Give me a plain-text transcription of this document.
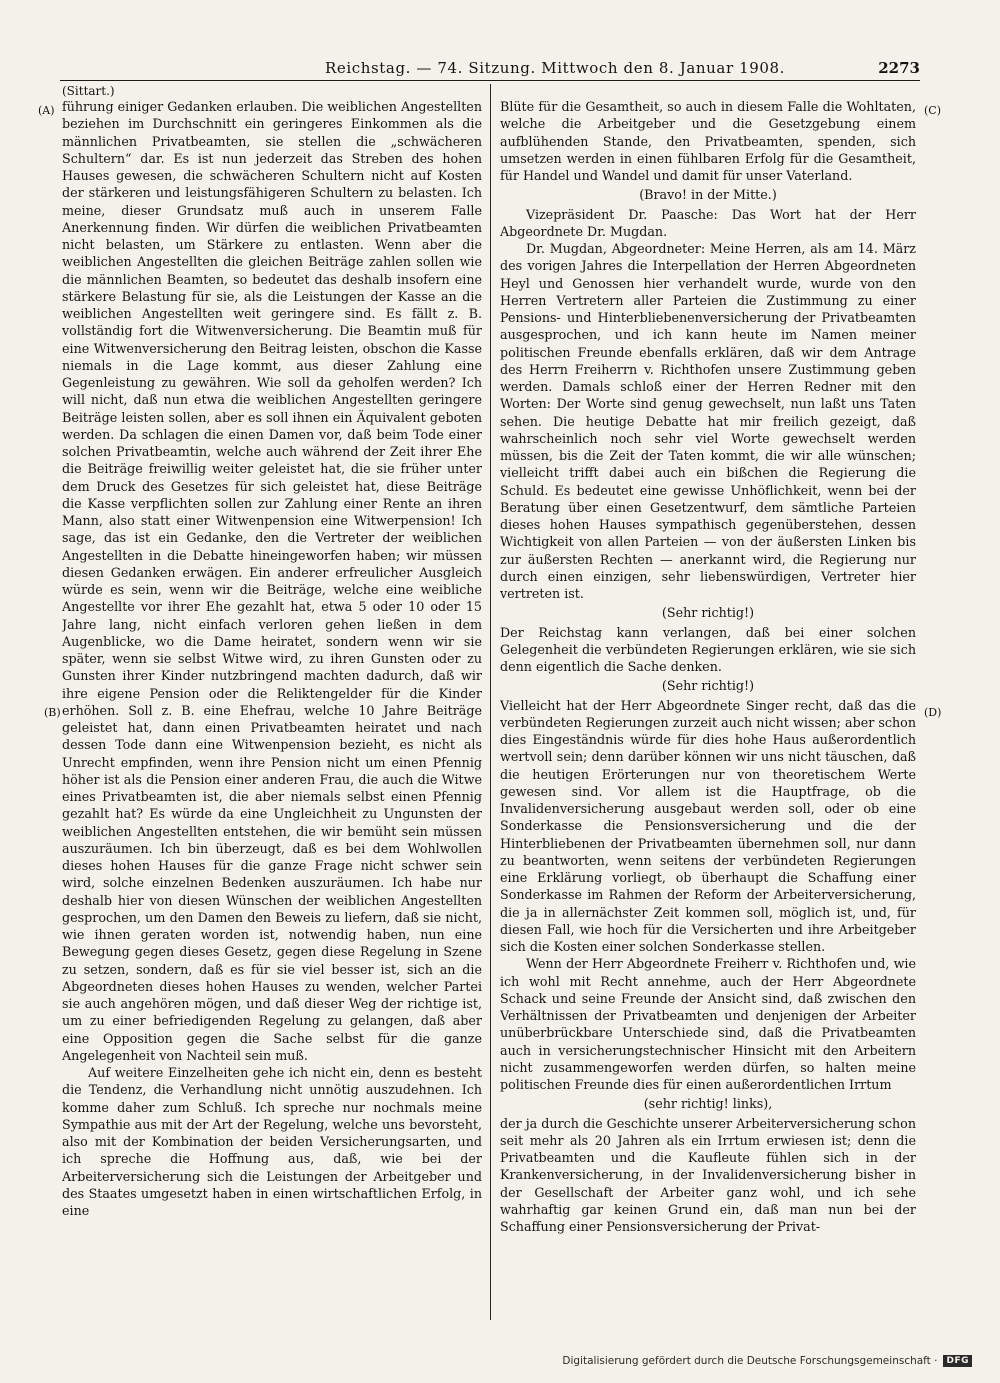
Reichstag. — 74. Sitzung. Mittwoch den 8. Januar 1908.	2273
(Sittart.)
(A)
(B)
(C)
(D)

führung einiger Gedanken erlauben. Die weiblichen Angestellten beziehen im Durchschnitt ein geringeres Einkommen als die männlichen Privatbeamten, sie stellen die „schwächeren Schultern“ dar. Es ist nun jederzeit das Streben des hohen Hauses gewesen, die schwächeren Schultern nicht auf Kosten der stärkeren und leistungsfähigeren Schultern zu belasten. Ich meine, dieser Grundsatz muß auch in unserem Falle Anerkennung finden. Wir dürfen die weiblichen Privatbeamten nicht belasten, um Stärkere zu entlasten. Wenn aber die weiblichen Angestellten die gleichen Beiträge zahlen sollen wie die männlichen Beamten, so bedeutet das deshalb insofern eine stärkere Belastung für sie, als die Leistungen der Kasse an die weiblichen Angestellten weit geringere sind. Es fällt z. B. vollständig fort die Witwenversicherung. Die Beamtin muß für eine Witwenversicherung den Beitrag leisten, obschon die Kasse niemals in die Lage kommt, aus dieser Zahlung eine Gegenleistung zu gewähren. Wie soll da geholfen werden? Ich will nicht, daß nun etwa die weiblichen Angestellten geringere Beiträge leisten sollen, aber es soll ihnen ein Äquivalent geboten werden. Da schlagen die einen Damen vor, daß beim Tode einer solchen Privatbeamtin, welche auch während der Zeit ihrer Ehe die Beiträge freiwillig weiter geleistet hat, die sie früher unter dem Druck des Gesetzes für sich geleistet hat, diese Beiträge die Kasse verpflichten sollen zur Zahlung einer Rente an ihren Mann, also statt einer Witwenpension eine Witwerpension! Ich sage, das ist ein Gedanke, den die Vertreter der weiblichen Angestellten in die Debatte hineingeworfen haben; wir müssen diesen Gedanken erwägen. Ein anderer erfreulicher Ausgleich würde es sein, wenn wir die Beiträge, welche eine weibliche Angestellte vor ihrer Ehe gezahlt hat, etwa 5 oder 10 oder 15 Jahre lang, nicht einfach verloren gehen ließen in dem Augenblicke, wo die Dame heiratet, sondern wenn wir sie später, wenn sie selbst Witwe wird, zu ihren Gunsten oder zu Gunsten ihrer Kinder nutzbringend machten dadurch, daß wir ihre eigene Pension oder die Reliktengelder für die Kinder erhöhen. Soll z. B. eine Ehefrau, welche 10 Jahre Beiträge geleistet hat, dann einen Privatbeamten heiratet und nach dessen Tode dann eine Witwenpension bezieht, es nicht als Unrecht empfinden, wenn ihre Pension nicht um einen Pfennig höher ist als die Pension einer anderen Frau, die auch die Witwe eines Privatbeamten ist, die aber niemals selbst einen Pfennig gezahlt hat? Es würde da eine Ungleichheit zu Ungunsten der weiblichen Angestellten entstehen, die wir bemüht sein müssen auszuräumen. Ich bin überzeugt, daß es bei dem Wohlwollen dieses hohen Hauses für die ganze Frage nicht schwer sein wird, solche einzelnen Bedenken auszuräumen. Ich habe nur deshalb hier von diesen Wünschen der weiblichen Angestellten gesprochen, um den Damen den Beweis zu liefern, daß sie nicht, wie ihnen geraten worden ist, notwendig haben, nun eine Bewegung gegen dieses Gesetz, gegen diese Regelung in Szene zu setzen, sondern, daß es für sie viel besser ist, sich an die Abgeordneten dieses hohen Hauses zu wenden, welcher Partei sie auch angehören mögen, und daß dieser Weg der richtige ist, um zu einer befriedigenden Regelung zu gelangen, daß aber eine Opposition gegen die Sache selbst für die ganze Angelegenheit von Nachteil sein muß.

Auf weitere Einzelheiten gehe ich nicht ein, denn es besteht die Tendenz, die Verhandlung nicht unnötig auszudehnen. Ich komme daher zum Schluß. Ich spreche nur nochmals meine Sympathie aus mit der Art der Regelung, welche uns bevorsteht, also mit der Kombination der beiden Versicherungsarten, und ich spreche die Hoffnung aus, daß, wie bei der Arbeiterversicherung sich die Leistungen der Arbeitgeber und des Staates umgesetzt haben in einen wirtschaftlichen Erfolg, in eine

Blüte für die Gesamtheit, so auch in diesem Falle die Wohltaten, welche die Arbeitgeber und die Gesetzgebung einem aufblühenden Stande, den Privatbeamten, spenden, sich umsetzen werden in einen fühlbaren Erfolg für die Gesamtheit, für Handel und Wandel und damit für unser Vaterland.

(Bravo! in der Mitte.)

Vizepräsident Dr. Paasche: Das Wort hat der Herr Abgeordnete Dr. Mugdan.

Dr. Mugdan, Abgeordneter: Meine Herren, als am 14. März des vorigen Jahres die Interpellation der Herren Abgeordneten Heyl und Genossen hier verhandelt wurde, wurde von den Herren Vertretern aller Parteien die Zustimmung zu einer Pensions- und Hinterbliebenenversicherung der Privatbeamten ausgesprochen, und ich kann heute im Namen meiner politischen Freunde ebenfalls erklären, daß wir dem Antrage des Herrn Freiherrn v. Richthofen unsere Zustimmung geben werden. Damals schloß einer der Herren Redner mit den Worten: Der Worte sind genug gewechselt, nun laßt uns Taten sehen. Die heutige Debatte hat mir freilich gezeigt, daß wahrscheinlich noch sehr viel Worte gewechselt werden müssen, bis die Zeit der Taten kommt, die wir alle wünschen; vielleicht trifft dabei auch ein bißchen die Regierung die Schuld. Es bedeutet eine gewisse Unhöflichkeit, wenn bei der Beratung über einen Gesetzentwurf, dem sämtliche Parteien dieses hohen Hauses sympathisch gegenüberstehen, dessen Wichtigkeit von allen Parteien — von der äußersten Linken bis zur äußersten Rechten — anerkannt wird, die Regierung nur durch einen einzigen, sehr liebenswürdigen, Vertreter hier vertreten ist.

(Sehr richtig!)

Der Reichstag kann verlangen, daß bei einer solchen Gelegenheit die verbündeten Regierungen erklären, wie sie sich denn eigentlich die Sache denken.

(Sehr richtig!)

Vielleicht hat der Herr Abgeordnete Singer recht, daß das die verbündeten Regierungen zurzeit auch nicht wissen; aber schon dies Eingeständnis würde für dies hohe Haus außerordentlich wertvoll sein; denn darüber können wir uns nicht täuschen, daß die heutigen Erörterungen nur von theoretischem Werte gewesen sind. Vor allem ist die Hauptfrage, ob die Invalidenversicherung ausgebaut werden soll, oder ob eine Sonderkasse die Pensionsversicherung und die der Hinterbliebenen der Privatbeamten übernehmen soll, nur dann zu beantworten, wenn seitens der verbündeten Regierungen eine Erklärung vorliegt, ob überhaupt die Schaffung einer Sonderkasse im Rahmen der Reform der Arbeiterversicherung, die ja in allernächster Zeit kommen soll, möglich ist, und, für diesen Fall, wie hoch für die Versicherten und ihre Arbeitgeber sich die Kosten einer solchen Sonderkasse stellen.

Wenn der Herr Abgeordnete Freiherr v. Richthofen und, wie ich wohl mit Recht annehme, auch der Herr Abgeordnete Schack und seine Freunde der Ansicht sind, daß zwischen den Verhältnissen der Privatbeamten und denjenigen der Arbeiter unüberbrückbare Unterschiede sind, daß die Privatbeamten auch in versicherungstechnischer Hinsicht mit den Arbeitern nicht zusammengeworfen werden dürfen, so halten meine politischen Freunde dies für einen außerordentlichen Irrtum

(sehr richtig! links),

der ja durch die Geschichte unserer Arbeiterversicherung schon seit mehr als 20 Jahren als ein Irrtum erwiesen ist; denn die Privatbeamten und die Kaufleute fühlen sich in der Krankenversicherung, in der Invalidenversicherung bisher in der Gesellschaft der Arbeiter ganz wohl, und ich sehe wahrhaftig gar keinen Grund ein, daß man nun bei der Schaffung einer Pensionsversicherung der Privat-

Digitalisierung gefördert durch die Deutsche Forschungsgemeinschaft ·	DFG
